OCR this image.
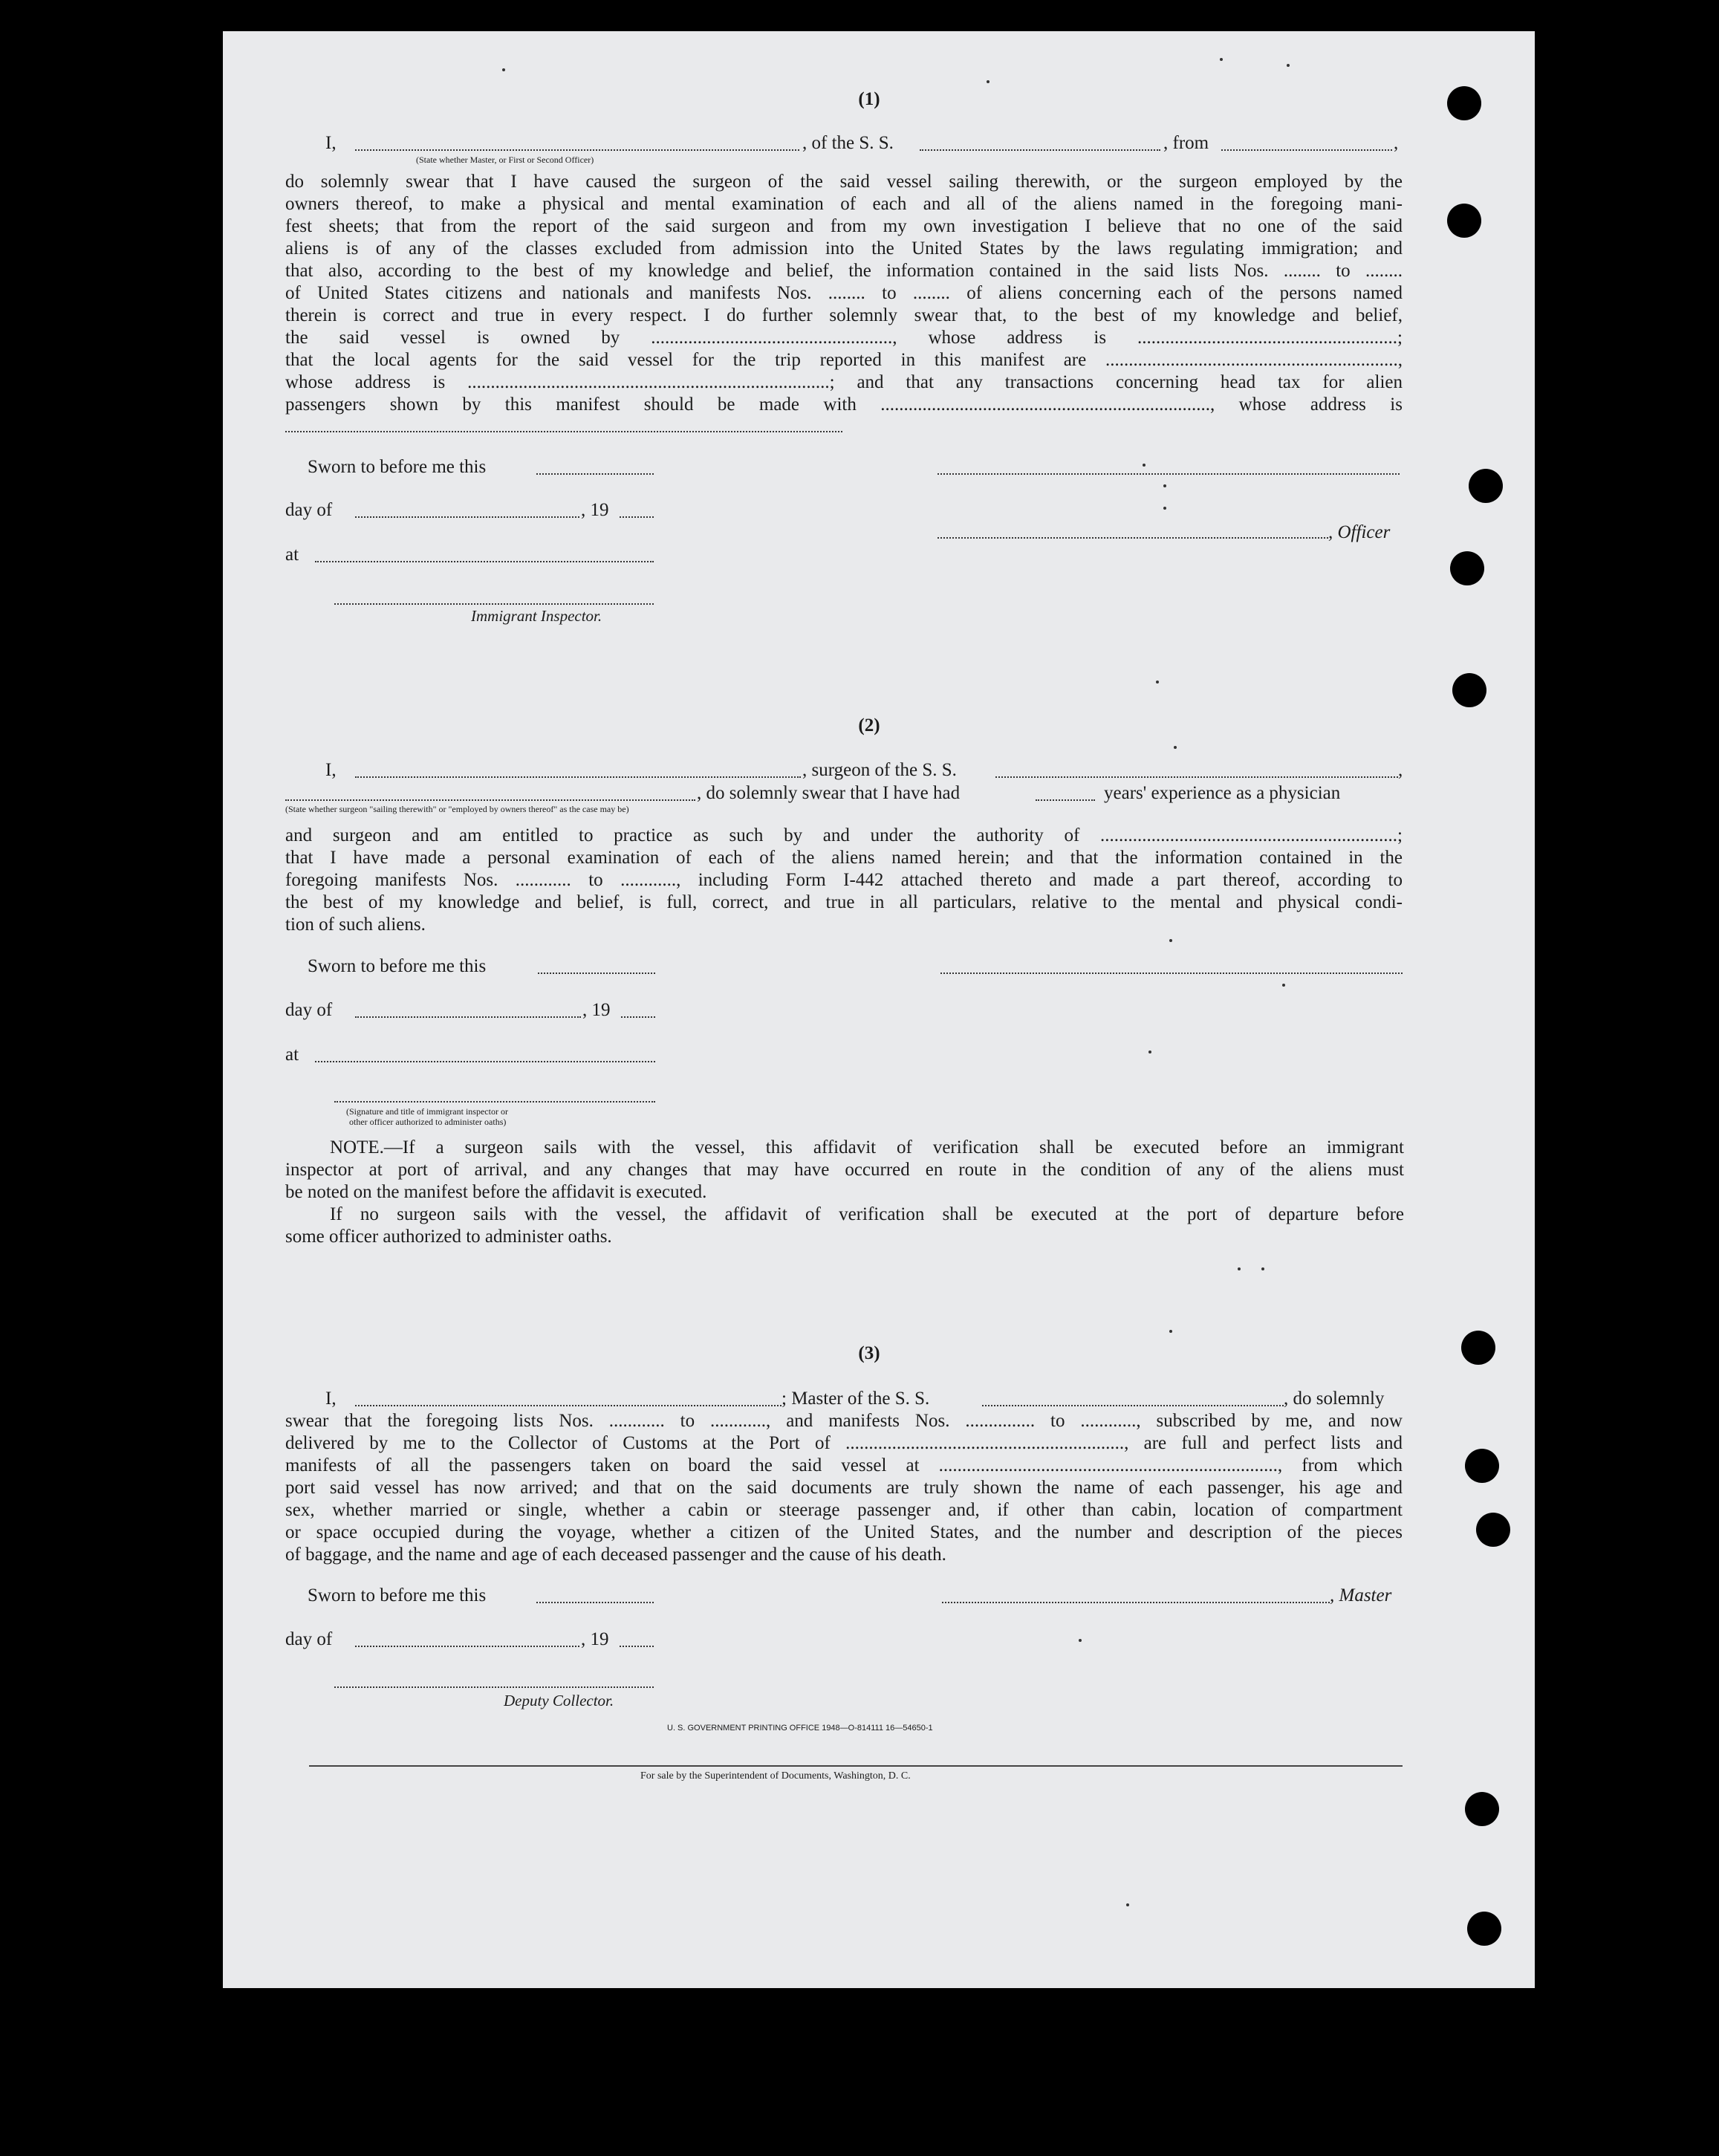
(1)
I,	, of the S. S.	, from	,
(State whether Master, or First or Second Officer)

do solemnly swear that I have caused the surgeon of the said vessel sailing therewith, or the surgeon employed by the

owners thereof, to make a physical and mental examination of each and all of the aliens named in the foregoing mani-

fest sheets; that from the report of the said surgeon and from my own investigation I believe that no one of the said

aliens is of any of the classes excluded from admission into the United States by the laws regulating immigration; and

that also, according to the best of my knowledge and belief, the information contained in the said lists Nos. ........ to ........

of United States citizens and nationals and manifests Nos. ........ to ........ of aliens concerning each of the persons named

therein is correct and true in every respect. I do further solemnly swear that, to the best of my knowledge and belief,

the said vessel is owned by ...................................................., whose address is ........................................................;

that the local agents for the said vessel for the trip reported in this manifest are ...............................................................,

whose address is ..............................................................................; and that any transactions concerning head tax for alien

passengers shown by this manifest should be made with ......................................................................., whose address is

Sworn to before me this
day of	, 19
, Officer
at
Immigrant Inspector.
(2)
I,	, surgeon of the S. S.	,
, do solemnly swear that I have had	years' experience as a physician
(State whether surgeon "sailing therewith" or "employed by owners thereof" as the case may be)

and surgeon and am entitled to practice as such by and under the authority of ................................................................;

that I have made a personal examination of each of the aliens named herein; and that the information contained in the

foregoing manifests Nos. ............ to ............, including Form I-442 attached thereto and made a part thereof, according to

the best of my knowledge and belief, is full, correct, and true in all particulars, relative to the mental and physical condi-

tion of such aliens.

Sworn to before me this
day of	, 19
at
(Signature and title of immigrant inspector or
other officer authorized to administer oaths)

NOTE.—If a surgeon sails with the vessel, this affidavit of verification shall be executed before an immigrant

inspector at port of arrival, and any changes that may have occurred en route in the condition of any of the aliens must

be noted on the manifest before the affidavit is executed.

If no surgeon sails with the vessel, the affidavit of verification shall be executed at the port of departure before

some officer authorized to administer oaths.

(3)
I,	; Master of the S. S.	, do solemnly

swear that the foregoing lists Nos. ............ to ............, and manifests Nos. ............... to ............, subscribed by me, and now

delivered by me to the Collector of Customs at the Port of ............................................................, are full and perfect lists and

manifests of all the passengers taken on board the said vessel at ........................................................................., from which

port said vessel has now arrived; and that on the said documents are truly shown the name of each passenger, his age and

sex, whether married or single, whether a cabin or steerage passenger and, if other than cabin, location of compartment

or space occupied during the voyage, whether a citizen of the United States, and the number and description of the pieces

of baggage, and the name and age of each deceased passenger and the cause of his death.

Sworn to before me this	, Master
day of	, 19
Deputy Collector.
U. S. GOVERNMENT PRINTING OFFICE 1948—O-814111 16—54650-1
For sale by the Superintendent of Documents, Washington, D. C.
